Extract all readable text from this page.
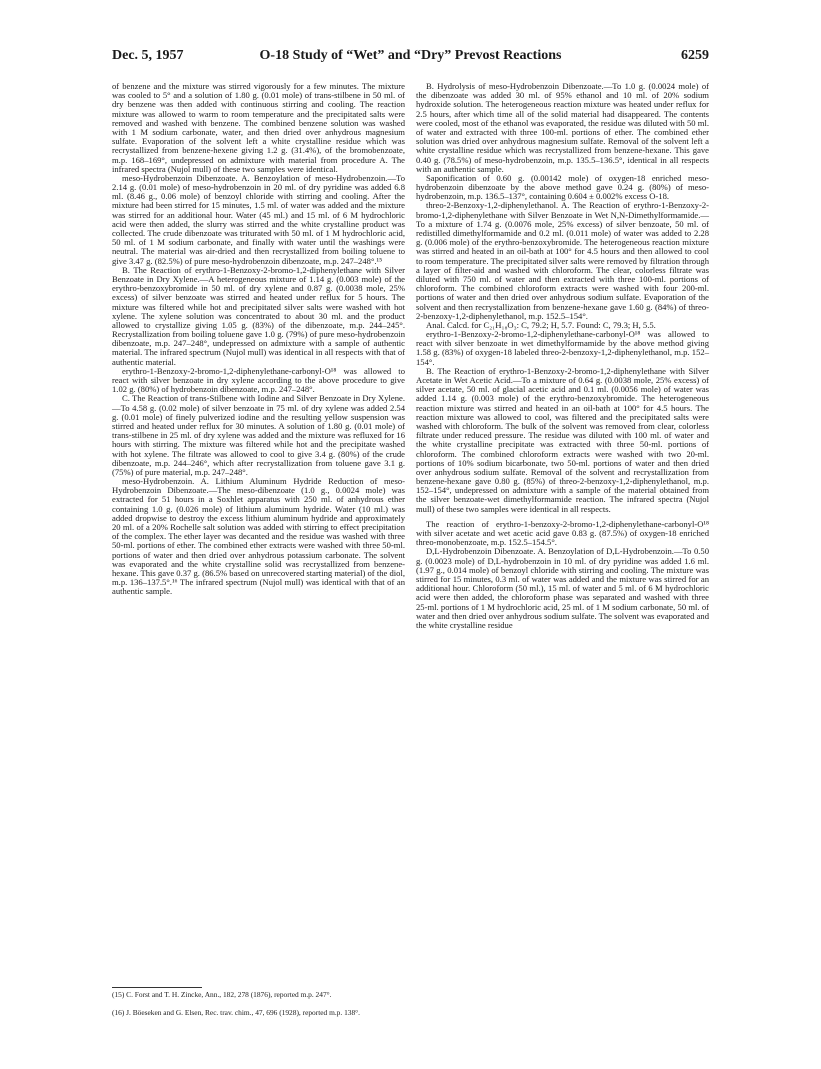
Dec. 5, 1957	O-18 Study of “Wet” and “Dry” Prevost Reactions	6259

of benzene and the mixture was stirred vigorously for a few minutes. The mixture was cooled to 5° and a solution of 1.80 g. (0.01 mole) of trans-stilbene in 50 ml. of dry benzene was then added with continuous stirring and cooling. The reaction mixture was allowed to warm to room temperature and the precipitated salts were removed and washed with benzene. The combined benzene solution was washed with 1 M sodium carbonate, water, and then dried over anhydrous magnesium sulfate. Evaporation of the solvent left a white crystalline residue which was recrystallized from benzene-hexene giving 1.2 g. (31.4%), of the bromobenzoate, m.p. 168–169°, undepressed on admixture with material from procedure A. The infrared spectra (Nujol mull) of these two samples were identical.

meso-Hydrobenzoin Dibenzoate. A. Benzoylation of meso-Hydrobenzoin.—To 2.14 g. (0.01 mole) of meso-hydrobenzoin in 20 ml. of dry pyridine was added 6.8 ml. (8.46 g., 0.06 mole) of benzoyl chloride with stirring and cooling. After the mixture had been stirred for 15 minutes, 1.5 ml. of water was added and the mixture was stirred for an additional hour. Water (45 ml.) and 15 ml. of 6 M hydrochloric acid were then added, the slurry was stirred and the white crystalline product was collected. The crude dibenzoate was triturated with 50 ml. of 1 M hydrochloric acid, 50 ml. of 1 M sodium carbonate, and finally with water until the washings were neutral. The material was air-dried and then recrystallized from boiling toluene to give 3.47 g. (82.5%) of pure meso-hydrobenzoin dibenzoate, m.p. 247–248°.¹⁵

B. The Reaction of erythro-1-Benzoxy-2-bromo-1,2-diphenylethane with Silver Benzoate in Dry Xylene.—A heterogeneous mixture of 1.14 g. (0.003 mole) of the erythro-benzoxybromide in 50 ml. of dry xylene and 0.87 g. (0.0038 mole, 25% excess) of silver benzoate was stirred and heated under reflux for 5 hours. The mixture was filtered while hot and precipitated silver salts were washed with hot xylene. The xylene solution was concentrated to about 30 ml. and the product allowed to crystallize giving 1.05 g. (83%) of the dibenzoate, m.p. 244–245°. Recrystallization from boiling toluene gave 1.0 g. (79%) of pure meso-hydrobenzoin dibenzoate, m.p. 247–248°, undepressed on admixture with a sample of authentic material. The infrared spectrum (Nujol mull) was identical in all respects with that of authentic material.

erythro-1-Benzoxy-2-bromo-1,2-diphenylethane-carbonyl-O¹⁸ was allowed to react with silver benzoate in dry xylene according to the above procedure to give 1.02 g. (80%) of hydrobenzoin dibenzoate, m.p. 247–248°.

C. The Reaction of trans-Stilbene with Iodine and Silver Benzoate in Dry Xylene.—To 4.58 g. (0.02 mole) of silver benzoate in 75 ml. of dry xylene was added 2.54 g. (0.01 mole) of finely pulverized iodine and the resulting yellow suspension was stirred and heated under reflux for 30 minutes. A solution of 1.80 g. (0.01 mole) of trans-stilbene in 25 ml. of dry xylene was added and the mixture was refluxed for 16 hours with stirring. The mixture was filtered while hot and the precipitate washed with hot xylene. The filtrate was allowed to cool to give 3.4 g. (80%) of the crude dibenzoate, m.p. 244–246°, which after recrystallization from toluene gave 3.1 g. (75%) of pure material, m.p. 247–248°.

meso-Hydrobenzoin. A. Lithium Aluminum Hydride Reduction of meso-Hydrobenzoin Dibenzoate.—The meso-dibenzoate (1.0 g., 0.0024 mole) was extracted for 51 hours in a Soxhlet apparatus with 250 ml. of anhydrous ether containing 1.0 g. (0.026 mole) of lithium aluminum hydride. Water (10 ml.) was added dropwise to destroy the excess lithium aluminum hydride and approximately 20 ml. of a 20% Rochelle salt solution was added with stirring to effect precipitation of the complex. The ether layer was decanted and the residue was washed with three 50-ml. portions of ether. The combined ether extracts were washed with three 50-ml. portions of water and then dried over anhydrous potassium carbonate. The solvent was evaporated and the white crystalline solid was recrystallized from benzene-hexane. This gave 0.37 g. (86.5% based on unrecovered starting material) of the diol, m.p. 136–137.5°.¹⁶ The infrared spectrum (Nujol mull) was identical with that of an authentic sample.

B. Hydrolysis of meso-Hydrobenzoin Dibenzoate.—To 1.0 g. (0.0024 mole) of the dibenzoate was added 30 ml. of 95% ethanol and 10 ml. of 20% sodium hydroxide solution. The heterogeneous reaction mixture was heated under reflux for 2.5 hours, after which time all of the solid material had disappeared. The contents were cooled, most of the ethanol was evaporated, the residue was diluted with 50 ml. of water and extracted with three 100-ml. portions of ether. The combined ether solution was dried over anhydrous magnesium sulfate. Removal of the solvent left a white crystalline residue which was recrystallized from benzene-hexane. This gave 0.40 g. (78.5%) of meso-hydrobenzoin, m.p. 135.5–136.5°, identical in all respects with an authentic sample.

Saponification of 0.60 g. (0.00142 mole) of oxygen-18 enriched meso-hydrobenzoin dibenzoate by the above method gave 0.24 g. (80%) of meso-hydrobenzoin, m.p. 136.5–137°, containing 0.604 ± 0.002% excess O-18.

threo-2-Benzoxy-1,2-diphenylethanol. A. The Reaction of erythro-1-Benzoxy-2-bromo-1,2-diphenylethane with Silver Benzoate in Wet N,N-Dimethylformamide.—To a mixture of 1.74 g. (0.0076 mole, 25% excess) of silver benzoate, 50 ml. of redistilled dimethylformamide and 0.2 ml. (0.011 mole) of water was added to 2.28 g. (0.006 mole) of the erythro-benzoxybromide. The heterogeneous reaction mixture was stirred and heated in an oil-bath at 100° for 4.5 hours and then allowed to cool to room temperature. The precipitated silver salts were removed by filtration through a layer of filter-aid and washed with chloroform. The clear, colorless filtrate was diluted with 750 ml. of water and then extracted with three 100-ml. portions of chloroform. The combined chloroform extracts were washed with four 200-ml. portions of water and then dried over anhydrous sodium sulfate. Evaporation of the solvent and then recrystallization from benzene-hexane gave 1.60 g. (84%) of threo-2-benzoxy-1,2-diphenylethanol, m.p. 152.5–154°.

Anal. Calcd. for C₂₁H₁₈O₃: C, 79.2; H, 5.7. Found: C, 79.3; H, 5.5.

erythro-1-Benzoxy-2-bromo-1,2-diphenylethane-carbonyl-O¹⁸ was allowed to react with silver benzoate in wet dimethylformamide by the above method giving 1.58 g. (83%) of oxygen-18 labeled threo-2-benzoxy-1,2-diphenylethanol, m.p. 152–154°.

B. The Reaction of erythro-1-Benzoxy-2-bromo-1,2-diphenylethane with Silver Acetate in Wet Acetic Acid.—To a mixture of 0.64 g. (0.0038 mole, 25% excess) of silver acetate, 50 ml. of glacial acetic acid and 0.1 ml. (0.0056 mole) of water was added 1.14 g. (0.003 mole) of the erythro-benzoxybromide. The heterogeneous reaction mixture was stirred and heated in an oil-bath at 100° for 4.5 hours. The reaction mixture was allowed to cool, was filtered and the precipitated salts were washed with chloroform. The bulk of the solvent was removed from clear, colorless filtrate under reduced pressure. The residue was diluted with 100 ml. of water and the white crystalline precipitate was extracted with three 50-ml. portions of chloroform. The combined chloroform extracts were washed with two 20-ml. portions of 10% sodium bicarbonate, two 50-ml. portions of water and then dried over anhydrous sodium sulfate. Removal of the solvent and recrystallization from benzene-hexane gave 0.80 g. (85%) of threo-2-benzoxy-1,2-diphenylethanol, m.p. 152–154°, undepressed on admixture with a sample of the material obtained from the silver benzoate-wet dimethylformamide reaction. The infrared spectra (Nujol mull) of these two samples were identical in all respects.

The reaction of erythro-1-benzoxy-2-bromo-1,2-diphenylethane-carbonyl-O¹⁸ with silver acetate and wet acetic acid gave 0.83 g. (87.5%) of oxygen-18 enriched threo-monobenzoate, m.p. 152.5–154.5°.

D,L-Hydrobenzoin Dibenzoate. A. Benzoylation of D,L-Hydrobenzoin.—To 0.50 g. (0.0023 mole) of D,L-hydrobenzoin in 10 ml. of dry pyridine was added 1.6 ml. (1.97 g., 0.014 mole) of benzoyl chloride with stirring and cooling. The mixture was stirred for 15 minutes, 0.3 ml. of water was added and the mixture was stirred for an additional hour. Chloroform (50 ml.), 15 ml. of water and 5 ml. of 6 M hydrochloric acid were then added, the chloroform phase was separated and washed with three 25-ml. portions of 1 M hydrochloric acid, 25 ml. of 1 M sodium carbonate, 50 ml. of water and then dried over anhydrous sodium sulfate. The solvent was evaporated and the white crystalline residue

(15) C. Forst and T. H. Zincke, Ann., 182, 278 (1876), reported m.p. 247°.
(16) J. Böeseken and G. Elsen, Rec. trav. chim., 47, 696 (1928), reported m.p. 138°.
